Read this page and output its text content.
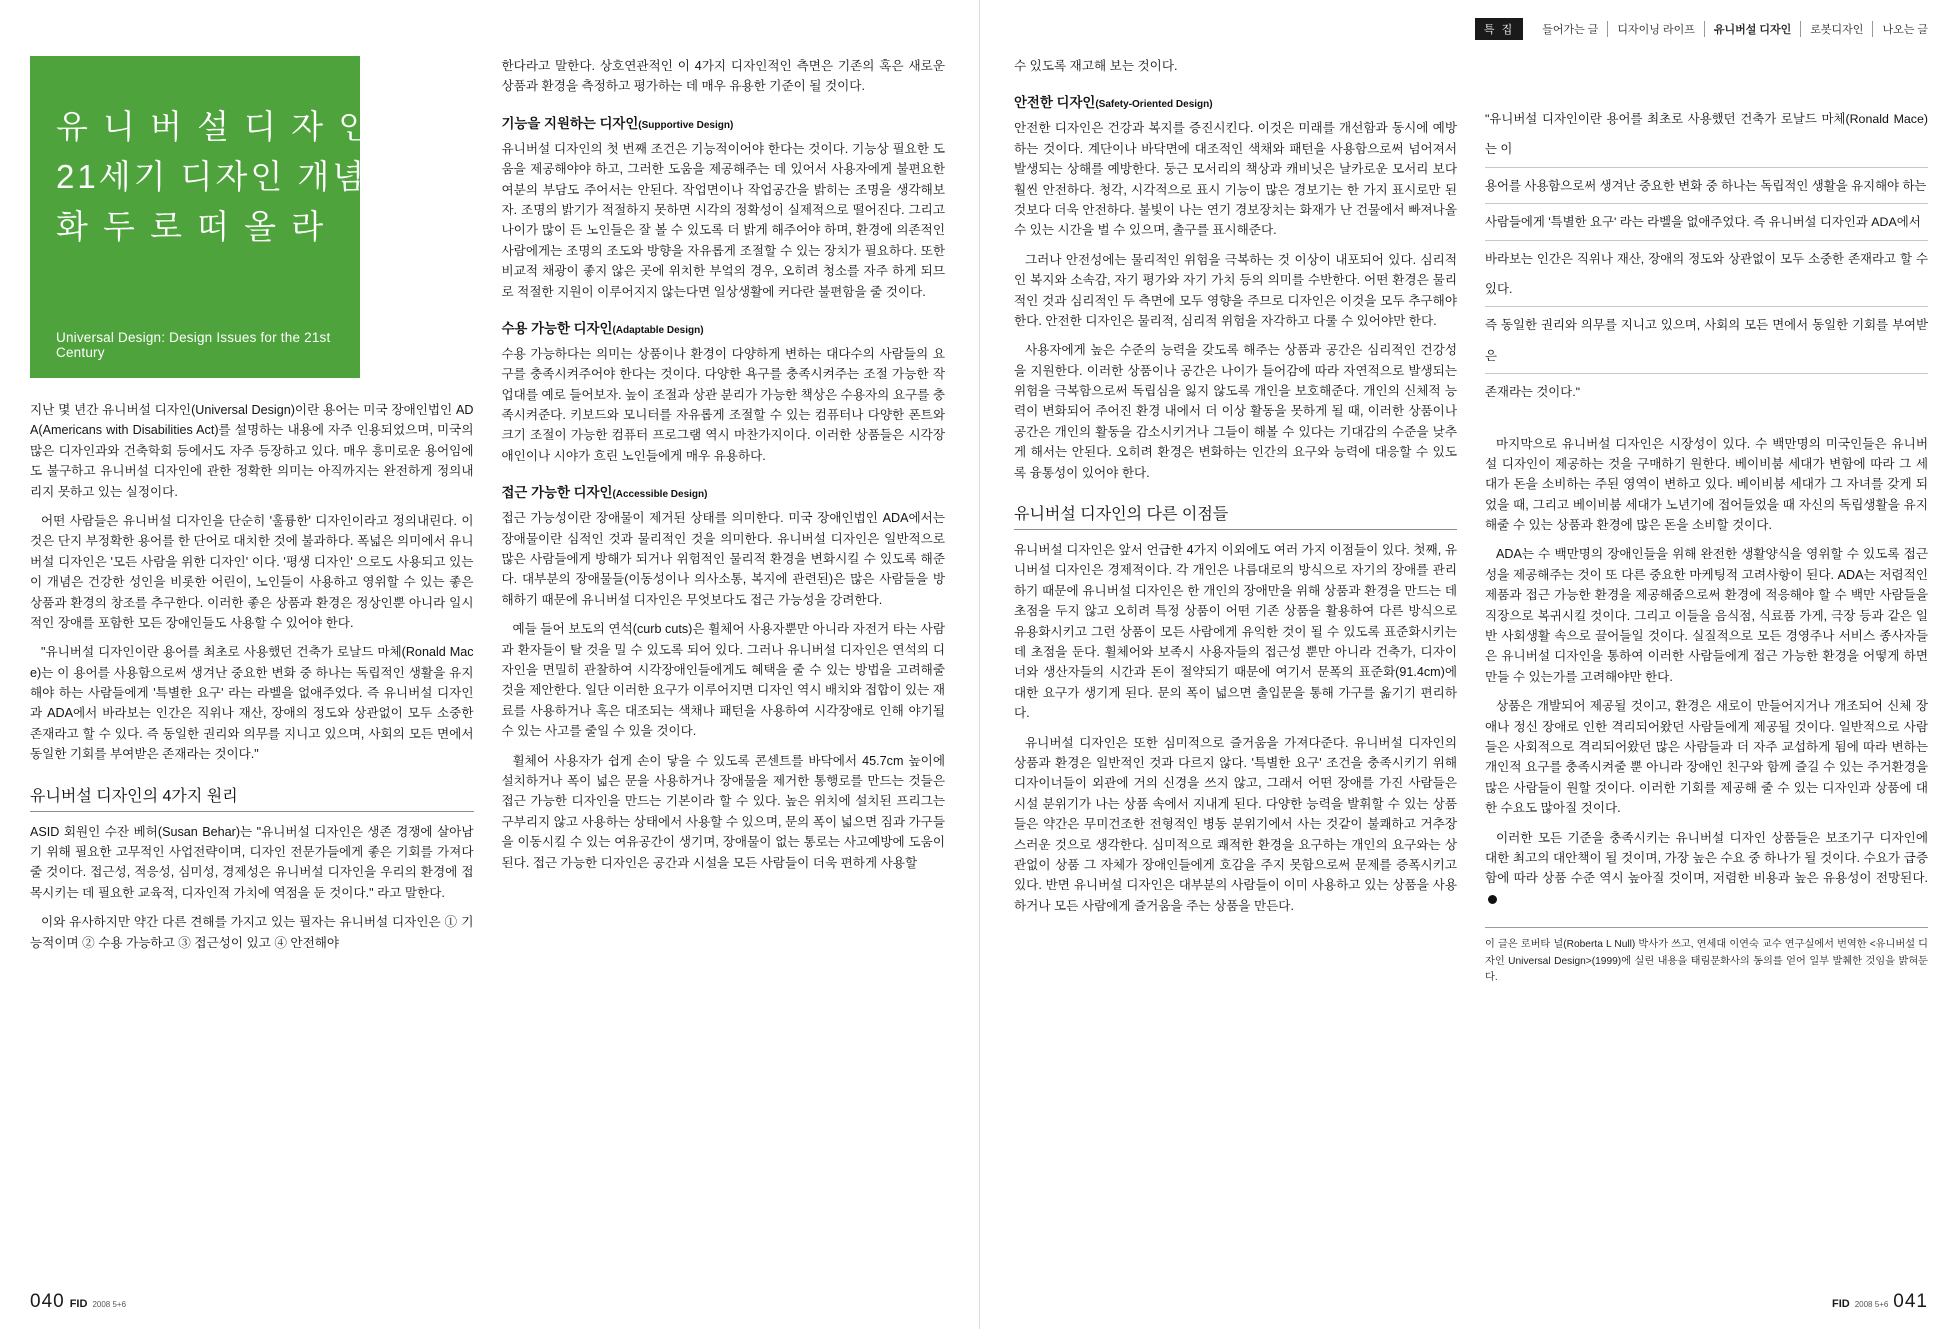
유 니 버 설 디 자 인
21세기 디자인 개념의
화 두 로 떠 올 라
Universal Design: Design Issues for the 21st Century

지난 몇 년간 유니버설 디자인(Universal Design)이란 용어는 미국 장애인법인 ADA(Americans with Disabilities Act)를 설명하는 내용에 자주 인용되었으며, 미국의 많은 디자인과와 건축학회 등에서도 자주 등장하고 있다. 매우 흥미로운 용어임에도 불구하고 유니버설 디자인에 관한 정확한 의미는 아직까지는 완전하게 정의내리지 못하고 있는 실정이다.

어떤 사람들은 유니버설 디자인을 단순히 '훌륭한' 디자인이라고 정의내린다. 이것은 단지 부정확한 용어를 한 단어로 대치한 것에 불과하다. 폭넓은 의미에서 유니버설 디자인은 '모든 사람을 위한 디자인' 이다. '평생 디자인' 으로도 사용되고 있는 이 개념은 건강한 성인을 비롯한 어린이, 노인들이 사용하고 영위할 수 있는 좋은 상품과 환경의 창조를 추구한다. 이러한 좋은 상품과 환경은 정상인뿐 아니라 일시적인 장애를 포함한 모든 장애인들도 사용할 수 있어야 한다.

"유니버설 디자인이란 용어를 최초로 사용했던 건축가 로날드 마체(Ronald Mace)는 이 용어를 사용함으로써 생겨난 중요한 변화 중 하나는 독립적인 생활을 유지해야 하는 사람들에게 '특별한 요구' 라는 라벨을 없애주었다. 즉 유니버설 디자인과 ADA에서 바라보는 인간은 직위나 재산, 장애의 정도와 상관없이 모두 소중한 존재라고 할 수 있다. 즉 동일한 권리와 의무를 지니고 있으며, 사회의 모든 면에서 동일한 기회를 부여받은 존재라는 것이다."

유니버설 디자인의 4가지 원리

ASID 회원인 수잔 베허(Susan Behar)는 "유니버설 디자인은 생존 경쟁에 살아남기 위해 필요한 고무적인 사업전략이며, 디자인 전문가들에게 좋은 기회를 가져다 줄 것이다. 접근성, 적응성, 심미성, 경제성은 유니버설 디자인을 우리의 환경에 접목시키는 데 필요한 교육적, 디자인적 가치에 역점을 둔 것이다." 라고 말한다.

이와 유사하지만 약간 다른 견해를 가지고 있는 필자는 유니버설 디자인은 ① 기능적이며 ② 수용 가능하고 ③ 접근성이 있고 ④ 안전해야

한다라고 말한다. 상호연관적인 이 4가지 디자인적인 측면은 기존의 혹은 새로운 상품과 환경을 측정하고 평가하는 데 매우 유용한 기준이 될 것이다.

기능을 지원하는 디자인(Supportive Design)

유니버설 디자인의 첫 번째 조건은 기능적이어야 한다는 것이다. 기능상 필요한 도움을 제공해야야 하고, 그러한 도움을 제공해주는 데 있어서 사용자에게 불편요한 여분의 부담도 주어서는 안된다. 작업면이나 작업공간을 밝히는 조명을 생각해보자. 조명의 밝기가 적절하지 못하면 시각의 정확성이 실제적으로 떨어진다. 그리고 나이가 많이 든 노인들은 잘 볼 수 있도록 더 밝게 해주어야 하며, 환경에 의존적인 사람에게는 조명의 조도와 방향을 자유롭게 조절할 수 있는 장치가 필요하다. 또한 비교적 채광이 좋지 않은 곳에 위치한 부엌의 경우, 오히려 청소를 자주 하게 되므로 적절한 지원이 이루어지지 않는다면 일상생활에 커다란 불편함을 줄 것이다.

수용 가능한 디자인(Adaptable Design)

수용 가능하다는 의미는 상품이나 환경이 다양하게 변하는 대다수의 사람들의 요구를 충족시켜주어야 한다는 것이다. 다양한 욕구를 충족시켜주는 조절 가능한 작업대를 예로 들어보자. 높이 조절과 상관 분리가 가능한 책상은 수용자의 요구를 충족시켜준다. 키보드와 모니터를 자유롭게 조절할 수 있는 컴퓨터나 다양한 폰트와 크기 조절이 가능한 컴퓨터 프로그램 역시 마찬가지이다. 이러한 상품들은 시각장애인이나 시야가 흐린 노인들에게 매우 유용하다.

접근 가능한 디자인(Accessible Design)

접근 가능성이란 장애물이 제거된 상태를 의미한다. 미국 장애인법인 ADA에서는 장애물이란 심적인 것과 물리적인 것을 의미한다. 유니버설 디자인은 일반적으로 많은 사람들에게 방해가 되거나 위험적인 물리적 환경을 변화시킬 수 있도록 해준다. 대부분의 장애물들(이동성이나 의사소통, 복지에 관련된)은 많은 사람들을 방해하기 때문에 유니버설 디자인은 무엇보다도 접근 가능성을 강려한다.

예들 들어 보도의 연석(curb cuts)은 휠체어 사용자뿐만 아니라 자전거 타는 사람과 환자들이 탈 것을 밀 수 있도록 되어 있다. 그러나 유니버설 디자인은 연석의 디자인을 면밀히 관찰하여 시각장애인들에게도 혜택을 줄 수 있는 방법을 고려해줄 것을 제안한다. 일단 이러한 요구가 이루어지면 디자인 역시 배치와 접합이 있는 재료를 사용하거나 혹은 대조되는 색채나 패턴을 사용하여 시각장애로 인해 야기될 수 있는 사고를 줄일 수 있을 것이다.

휠체어 사용자가 쉽게 손이 닿을 수 있도록 콘센트를 바닥에서 45.7cm 높이에 설치하거나 폭이 넓은 문을 사용하거나 장애물을 제거한 통행로를 만드는 것들은 접근 가능한 디자인을 만드는 기본이라 할 수 있다. 높은 위치에 설치된 프리그는 구부리지 않고 사용하는 상태에서 사용할 수 있으며, 문의 폭이 넓으면 짐과 가구들을 이동시킬 수 있는 여유공간이 생기며, 장애물이 없는 통로는 사고예방에 도움이 된다. 접근 가능한 디자인은 공간과 시설을 모든 사람들이 더욱 편하게 사용할

040 FID 2008 5+6
특 집	들어가는 글	디자이닝 라이프	유니버설 디자인	로봇디자인	나오는 글

수 있도록 재고해 보는 것이다.

안전한 디자인(Safety-Oriented Design)

안전한 디자인은 건강과 복지를 증진시킨다. 이것은 미래를 개선함과 동시에 예방하는 것이다. 계단이나 바닥면에 대조적인 색채와 패턴을 사용함으로써 넘어져서 발생되는 상해를 예방한다. 둥근 모서리의 책상과 캐비닛은 날카로운 모서리 보다 훨씬 안전하다. 청각, 시각적으로 표시 기능이 많은 경보기는 한 가지 표시로만 된 것보다 더욱 안전하다. 불빛이 나는 연기 경보장치는 화재가 난 건물에서 빠져나올 수 있는 시간을 벌 수 있으며, 출구를 표시해준다.

그러나 안전성에는 물리적인 위험을 극복하는 것 이상이 내포되어 있다. 심리적인 복지와 소속감, 자기 평가와 자기 가치 등의 의미를 수반한다. 어떤 환경은 물리적인 것과 심리적인 두 측면에 모두 영향을 주므로 디자인은 이것을 모두 추구해야 한다. 안전한 디자인은 물리적, 심리적 위험을 자각하고 다룰 수 있어야만 한다.

사용자에게 높은 수준의 능력을 갖도록 해주는 상품과 공간은 심리적인 건강성을 지원한다. 이러한 상품이나 공간은 나이가 들어감에 따라 자연적으로 발생되는 위험을 극복함으로써 독립심을 잃지 않도록 개인을 보호해준다. 개인의 신체적 능력이 변화되어 주어진 환경 내에서 더 이상 활동을 못하게 될 때, 이러한 상품이나 공간은 개인의 활동을 감소시키거나 그들이 해볼 수 있다는 기대감의 수준을 낮추게 해서는 안된다. 오히려 환경은 변화하는 인간의 요구와 능력에 대응할 수 있도록 융통성이 있어야 한다.

유니버설 디자인의 다른 이점들

유니버설 디자인은 앞서 언급한 4가지 이외에도 여러 가지 이점들이 있다. 첫째, 유니버설 디자인은 경제적이다. 각 개인은 나름대로의 방식으로 자기의 장애를 관리하기 때문에 유니버설 디자인은 한 개인의 장애만을 위해 상품과 환경을 만드는 데 초점을 두지 않고 오히려 특정 상품이 어떤 기존 상품을 활용하여 다른 방식으로 유용화시키고 그런 상품이 모든 사람에게 유익한 것이 될 수 있도록 표준화시키는 데 초점을 둔다. 휠체어와 보족시 사용자들의 접근성 뿐만 아니라 건축가, 디자이너와 생산자들의 시간과 돈이 절약되기 때문에 여기서 문폭의 표준화(91.4cm)에 대한 요구가 생기게 된다. 문의 폭이 넓으면 출입문을 통해 가구를 옮기기 편리하다.

유니버설 디자인은 또한 심미적으로 즐거움을 가져다준다. 유니버설 디자인의 상품과 환경은 일반적인 것과 다르지 않다. '특별한 요구' 조건을 충족시키기 위해 디자이너들이 외관에 거의 신경을 쓰지 않고, 그래서 어떤 장애를 가진 사람들은 시설 분위기가 나는 상품 속에서 지내게 된다. 다양한 능력을 발휘할 수 있는 상품들은 약간은 무미건조한 전형적인 병동 분위기에서 사는 것같이 불쾌하고 거추장스러운 것으로 생각한다. 심미적으로 쾌적한 환경을 요구하는 개인의 요구와는 상관없이 상품 그 자체가 장애인들에게 호감을 주지 못함으로써 문제를 증폭시키고 있다. 반면 유니버설 디자인은 대부분의 사람들이 이미 사용하고 있는 상품을 사용하거나 모든 사람에게 즐거움을 주는 상품을 만든다.

"유니버설 디자인이란 용어를 최초로 사용했던 건축가 로날드 마체(Ronald Mace)는 이
용어를 사용함으로써 생겨난 중요한 변화 중 하나는 독립적인 생활을 유지해야 하는
사람들에게 '특별한 요구' 라는 라벨을 없애주었다. 즉 유니버설 디자인과 ADA에서
바라보는 인간은 직위나 재산, 장애의 정도와 상관없이 모두 소중한 존재라고 할 수 있다.
즉 동일한 권리와 의무를 지니고 있으며, 사회의 모든 면에서 동일한 기회를 부여받은
존재라는 것이다."

마지막으로 유니버설 디자인은 시장성이 있다. 수 백만명의 미국인들은 유니버설 디자인이 제공하는 것을 구매하기 원한다. 베이비붐 세대가 변함에 따라 그 세대가 돈을 소비하는 주된 영역이 변하고 있다. 베이비붐 세대가 그 자녀를 갖게 되었을 때, 그리고 베이비붐 세대가 노년기에 접어들었을 때 자신의 독립생활을 유지해줄 수 있는 상품과 환경에 많은 돈을 소비할 것이다.

ADA는 수 백만명의 장애인들을 위해 완전한 생활양식을 영위할 수 있도록 접근성을 제공해주는 것이 또 다른 중요한 마케팅적 고려사항이 된다. ADA는 저렴적인 제품과 접근 가능한 환경을 제공해줌으로써 환경에 적응해야 할 수 백만 사람들을 직장으로 복귀시킬 것이다. 그리고 이들을 음식점, 식료품 가게, 극장 등과 같은 일반 사회생활 속으로 끌어들일 것이다. 실질적으로 모든 경영주나 서비스 종사자들은 유니버설 디자인을 통하여 이러한 사람들에게 접근 가능한 환경을 어떻게 하면 만들 수 있는가를 고려해야만 한다.

상품은 개발되어 제공될 것이고, 환경은 새로이 만들어지거나 개조되어 신체 장애나 정신 장애로 인한 격리되어왔던 사람들에게 제공될 것이다. 일반적으로 사람들은 사회적으로 격리되어왔던 많은 사람들과 더 자주 교섭하게 됨에 따라 변하는 개인적 요구를 충족시켜줄 뿐 아니라 장애인 친구와 함께 즐길 수 있는 주거환경을 많은 사람들이 원할 것이다. 이러한 기회를 제공해 줄 수 있는 디자인과 상품에 대한 수요도 많아질 것이다.

이러한 모든 기준을 충족시키는 유니버설 디자인 상품들은 보조기구 디자인에 대한 최고의 대안책이 될 것이며, 가장 높은 수요 중 하나가 될 것이다. 수요가 급증함에 따라 상품 수준 역시 높아질 것이며, 저렴한 비용과 높은 유용성이 전망된다.

이 글은 로버타 널(Roberta L Null) 박사가 쓰고, 연세대 이연숙 교수 연구실에서 번역한 <유니버설 디자인 Universal Design>(1999)에 실린 내용을 태림문화사의 동의를 얻어 일부 발췌한 것임을 밝혀둔다.
FID 2008 5+6 041
